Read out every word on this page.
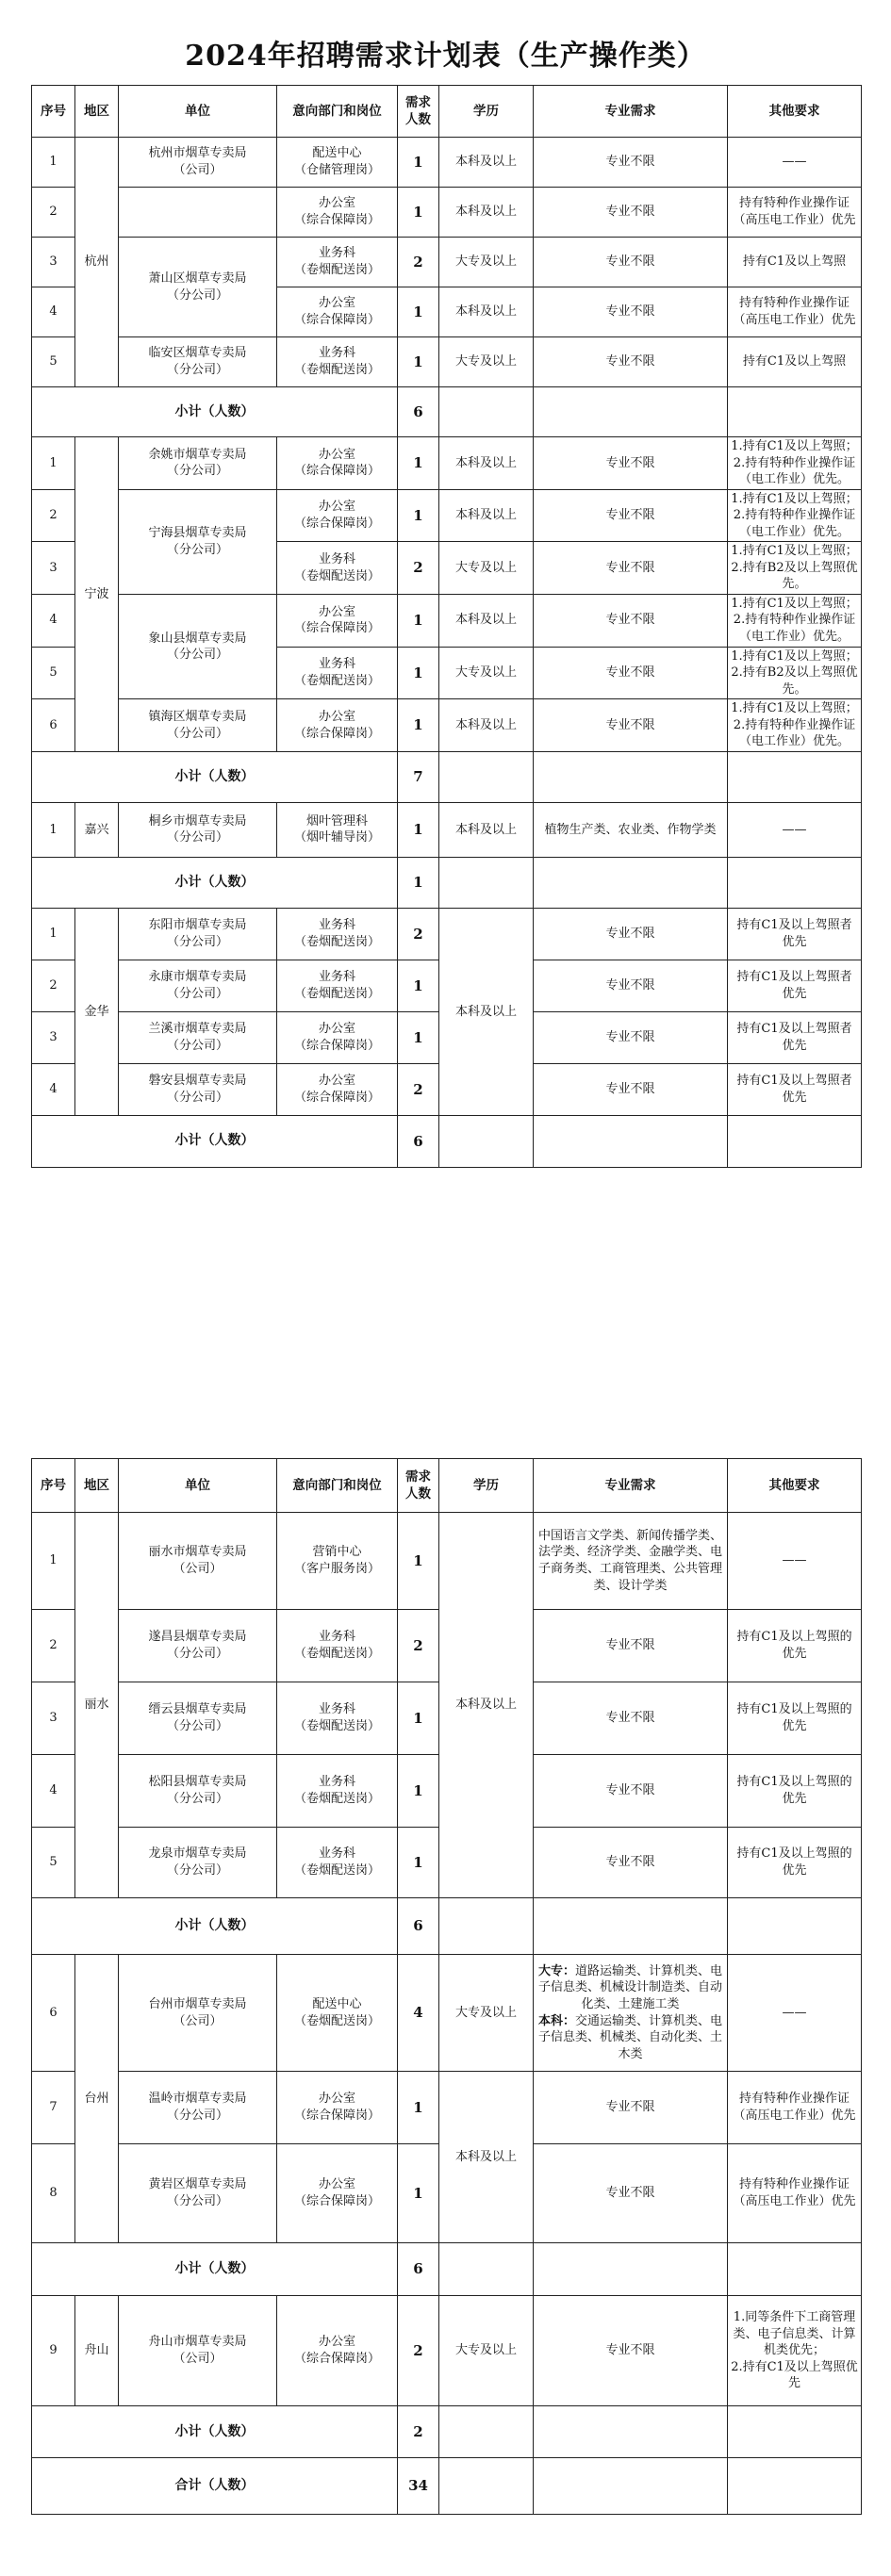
2024年招聘需求计划表（生产操作类）
序号	地区	单位	意向部门和岗位	需求人数	学历	专业需求	其他要求
1	杭州	杭州市烟草专卖局
（公司）	配送中心
（仓储管理岗）	1	本科及以上	专业不限	——
2			办公室
（综合保障岗）	1	本科及以上	专业不限	持有特种作业操作证
（高压电工作业）优先
3		萧山区烟草专卖局
（分公司）	业务科
（卷烟配送岗）	2	大专及以上	专业不限	持有C1及以上驾照
4			办公室
（综合保障岗）	1	本科及以上	专业不限	持有特种作业操作证
（高压电工作业）优先
5		临安区烟草专卖局
（分公司）	业务科
（卷烟配送岗）	1	大专及以上	专业不限	持有C1及以上驾照
小计（人数）				6			
1	宁波	余姚市烟草专卖局
（分公司）	办公室
（综合保障岗）	1	本科及以上	专业不限	1.持有C1及以上驾照；
2.持有特种作业操作证
（电工作业）优先。
2		宁海县烟草专卖局
（分公司）	办公室
（综合保障岗）	1	本科及以上	专业不限	1.持有C1及以上驾照；
2.持有特种作业操作证
（电工作业）优先。
3			业务科
（卷烟配送岗）	2	大专及以上	专业不限	1.持有C1及以上驾照；
2.持有B2及以上驾照优先。
4		象山县烟草专卖局
（分公司）	办公室
（综合保障岗）	1	本科及以上	专业不限	1.持有C1及以上驾照；
2.持有特种作业操作证
（电工作业）优先。
5			业务科
（卷烟配送岗）	1	大专及以上	专业不限	1.持有C1及以上驾照；
2.持有B2及以上驾照优先。
6		镇海区烟草专卖局
（分公司）	办公室
（综合保障岗）	1	本科及以上	专业不限	1.持有C1及以上驾照；
2.持有特种作业操作证
（电工作业）优先。
小计（人数）				7			
1	嘉兴	桐乡市烟草专卖局
（分公司）	烟叶管理科
（烟叶辅导岗）	1	本科及以上	植物生产类、农业类、作物学类	——
小计（人数）				1			
1	金华	东阳市烟草专卖局
（分公司）	业务科
（卷烟配送岗）	2	本科及以上	专业不限	持有C1及以上驾照者优先
2		永康市烟草专卖局
（分公司）	业务科
（卷烟配送岗）	1		专业不限	持有C1及以上驾照者优先
3		兰溪市烟草专卖局
（分公司）	办公室
（综合保障岗）	1		专业不限	持有C1及以上驾照者优先
4		磐安县烟草专卖局
（分公司）	办公室
（综合保障岗）	2		专业不限	持有C1及以上驾照者优先
小计（人数）				6			
序号	地区	单位	意向部门和岗位	需求人数	学历	专业需求	其他要求
1	丽水	丽水市烟草专卖局
（公司）	营销中心
（客户服务岗）	1	本科及以上	中国语言文学类、新闻传播学类、法学类、经济学类、金融学类、电子商务类、工商管理类、公共管理类、设计学类	——
2		遂昌县烟草专卖局
（分公司）	业务科
（卷烟配送岗）	2		专业不限	持有C1及以上驾照的优先
3		缙云县烟草专卖局
（分公司）	业务科
（卷烟配送岗）	1		专业不限	持有C1及以上驾照的优先
4		松阳县烟草专卖局
（分公司）	业务科
（卷烟配送岗）	1		专业不限	持有C1及以上驾照的优先
5		龙泉市烟草专卖局
（分公司）	业务科
（卷烟配送岗）	1		专业不限	持有C1及以上驾照的优先
小计（人数）				6			
6	台州	台州市烟草专卖局
（公司）	配送中心
（卷烟配送岗）	4	大专及以上	大专：道路运输类、计算机类、电子信息类、机械设计制造类、自动化类、土建施工类
本科：交通运输类、计算机类、电子信息类、机械类、自动化类、土木类	——
7		温岭市烟草专卖局
（分公司）	办公室
（综合保障岗）	1	本科及以上	专业不限	持有特种作业操作证
（高压电工作业）优先
8		黄岩区烟草专卖局
（分公司）	办公室
（综合保障岗）	1		专业不限	持有特种作业操作证
（高压电工作业）优先
小计（人数）				6			
9	舟山	舟山市烟草专卖局
（公司）	办公室
（综合保障岗）	2	大专及以上	专业不限	1.同等条件下工商管理类、电子信息类、计算机类优先；
2.持有C1及以上驾照优先
小计（人数）				2			
合计（人数）				34			
